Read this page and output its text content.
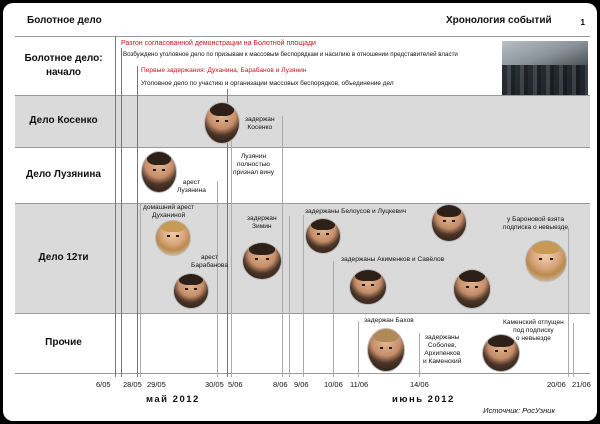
Болотное дело	Хронология событий	1
Болотное дело:
начало
Дело Косенко
Дело Лузянина
Дело 12ти
Прочие
Разгон согласованной демонстрации на Болотной площади
Возбуждено уголовное дело по призывам к массовым беспорядкам и насилию в отношении представителей власти
Первые задержания: Духанина, Барабанов и Лузянин
Уголовное дело по участию и организации массовых беспорядков, объединение дел
задержан
Косенко
арест
Лузянина
Лузянин
полностью
признал вину
домашний арест
Духаниной
арест
Барабанова
задержан
Зимин
задержаны Белоусов и Луцкевич
задержаны Акименков и Савёлов
у Бароновой взята
подписка о невыезде
задержан Бахов
задержаны
Соболев,
Архипенков
и Каменский
Каменский отпущен
под подписку
о невыезде
6/05 28/05 29/05	30/05 5/06	8/06 9/06 10/06 11/06	14/06	20/06 21/06
май 2012	июнь 2012
Источник: РосУзник
